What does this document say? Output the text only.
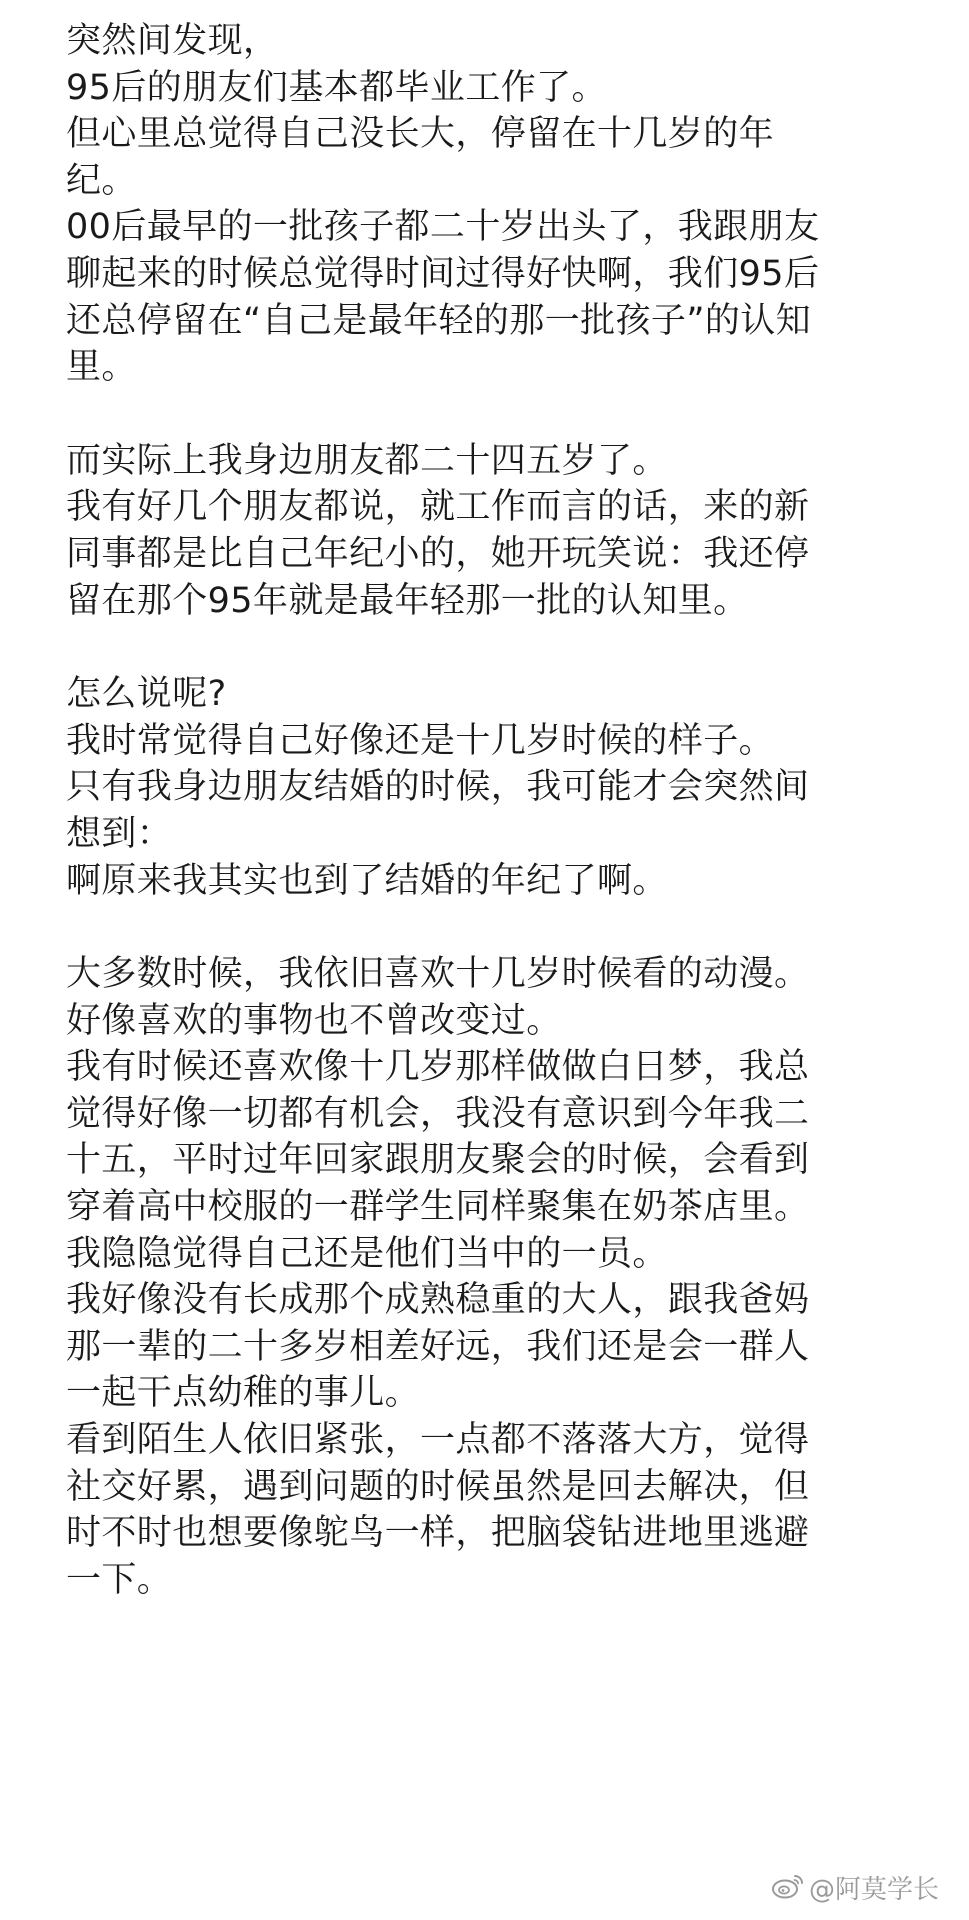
突然间发现，
95后的朋友们基本都毕业工作了。
但心里总觉得自己没长大，停留在十几岁的年
纪。
00后最早的一批孩子都二十岁出头了，我跟朋友
聊起来的时候总觉得时间过得好快啊，我们95后
还总停留在“自己是最年轻的那一批孩子”的认知
里。
而实际上我身边朋友都二十四五岁了。
我有好几个朋友都说，就工作而言的话，来的新
同事都是比自己年纪小的，她开玩笑说：我还停
留在那个95年就是最年轻那一批的认知里。
怎么说呢?
我时常觉得自己好像还是十几岁时候的样子。
只有我身边朋友结婚的时候，我可能才会突然间
想到：
啊原来我其实也到了结婚的年纪了啊。
大多数时候，我依旧喜欢十几岁时候看的动漫。
好像喜欢的事物也不曾改变过。
我有时候还喜欢像十几岁那样做做白日梦，我总
觉得好像一切都有机会，我没有意识到今年我二
十五，平时过年回家跟朋友聚会的时候，会看到
穿着高中校服的一群学生同样聚集在奶茶店里。
我隐隐觉得自己还是他们当中的一员。
我好像没有长成那个成熟稳重的大人，跟我爸妈
那一辈的二十多岁相差好远，我们还是会一群人
一起干点幼稚的事儿。
看到陌生人依旧紧张，一点都不落落大方，觉得
社交好累，遇到问题的时候虽然是回去解决，但
时不时也想要像鸵鸟一样，把脑袋钻进地里逃避
一下。
@阿莫学长
